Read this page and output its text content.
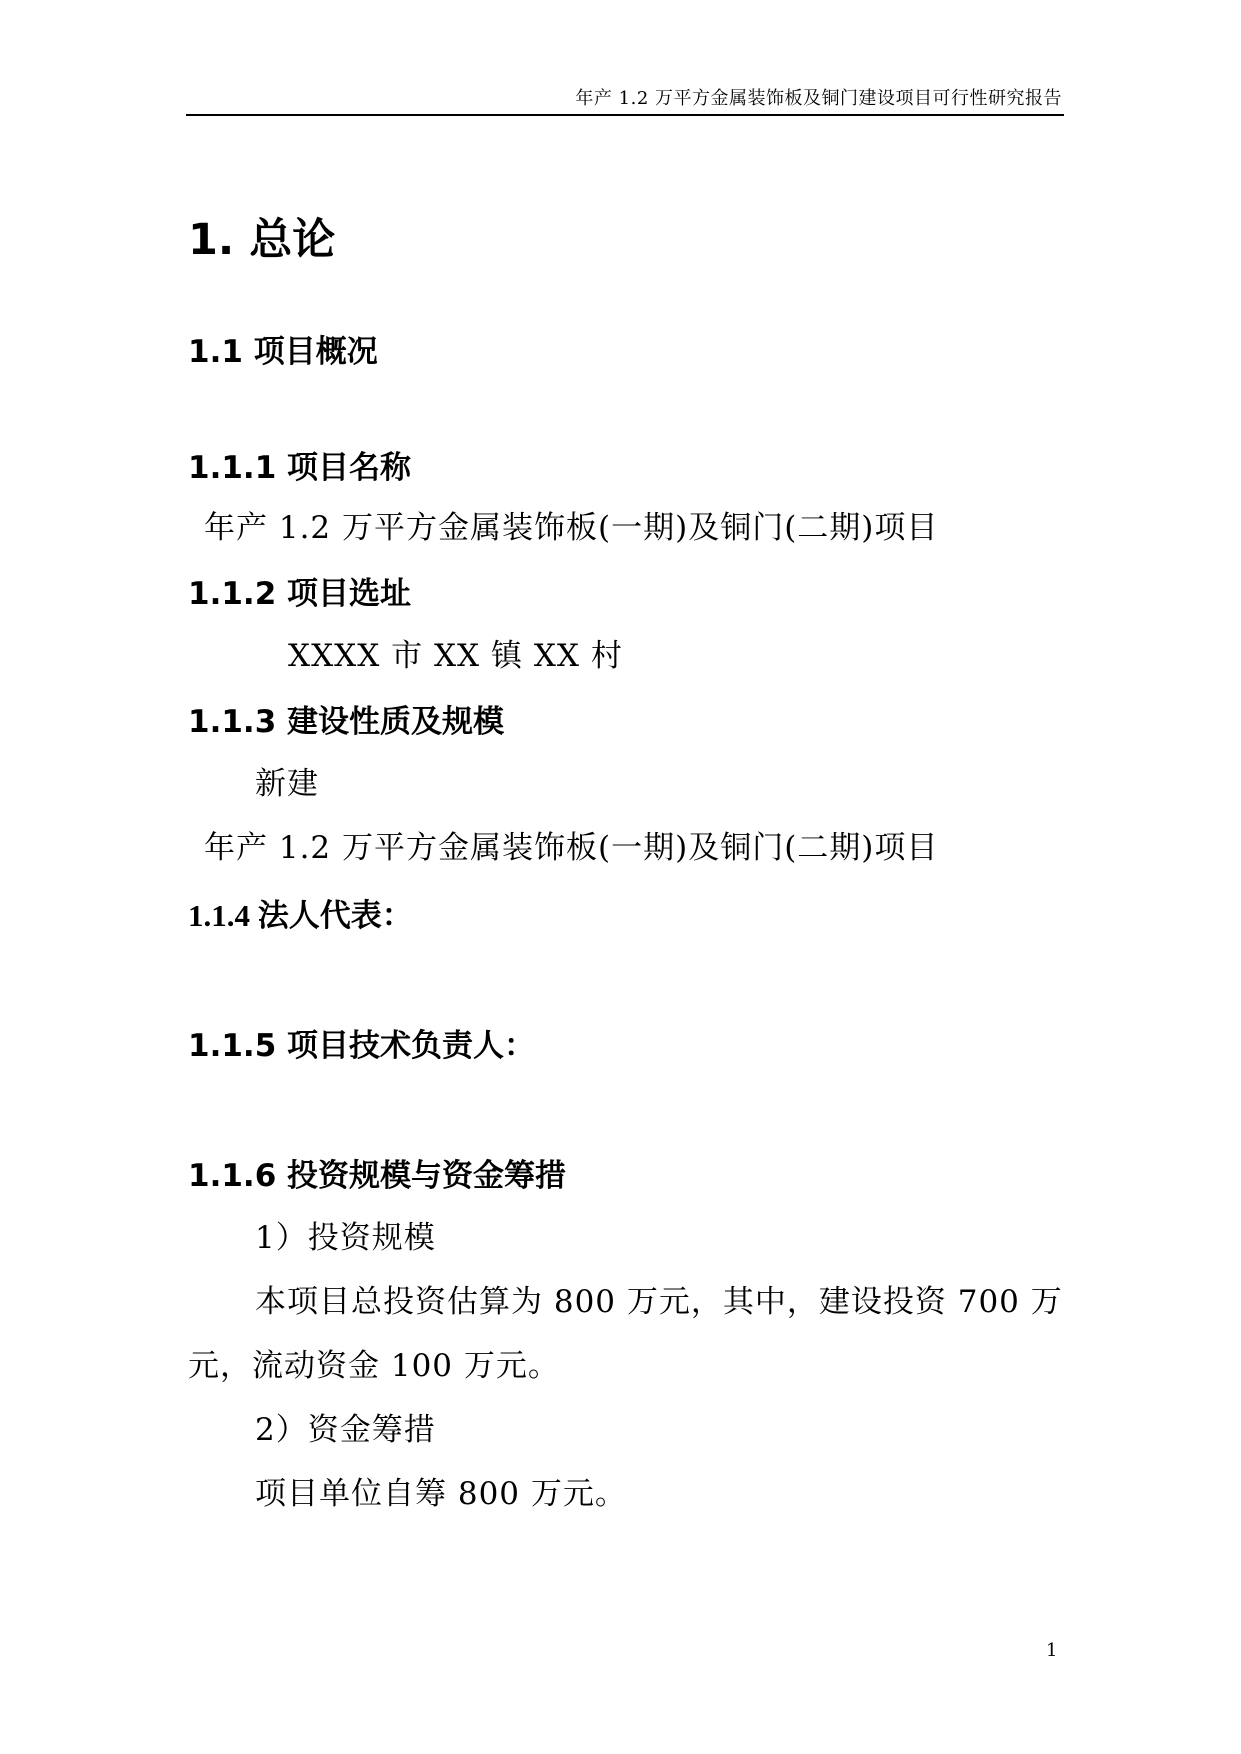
年产 1.2 万平方金属装饰板及铜门建设项目可行性研究报告
1. 总论
1.1 项目概况
1.1.1 项目名称
年产 1.2 万平方金属装饰板(一期)及铜门(二期)项目
1.1.2 项目选址
XXXX 市 XX 镇 XX 村
1.1.3 建设性质及规模
新建
年产 1.2 万平方金属装饰板(一期)及铜门(二期)项目
1.1.4 法人代表：
1.1.5 项目技术负责人：
1.1.6 投资规模与资金筹措
1）投资规模
本项目总投资估算为 800 万元，其中，建设投资 700 万
元，流动资金 100 万元。
2）资金筹措
项目单位自筹 800 万元。
1
